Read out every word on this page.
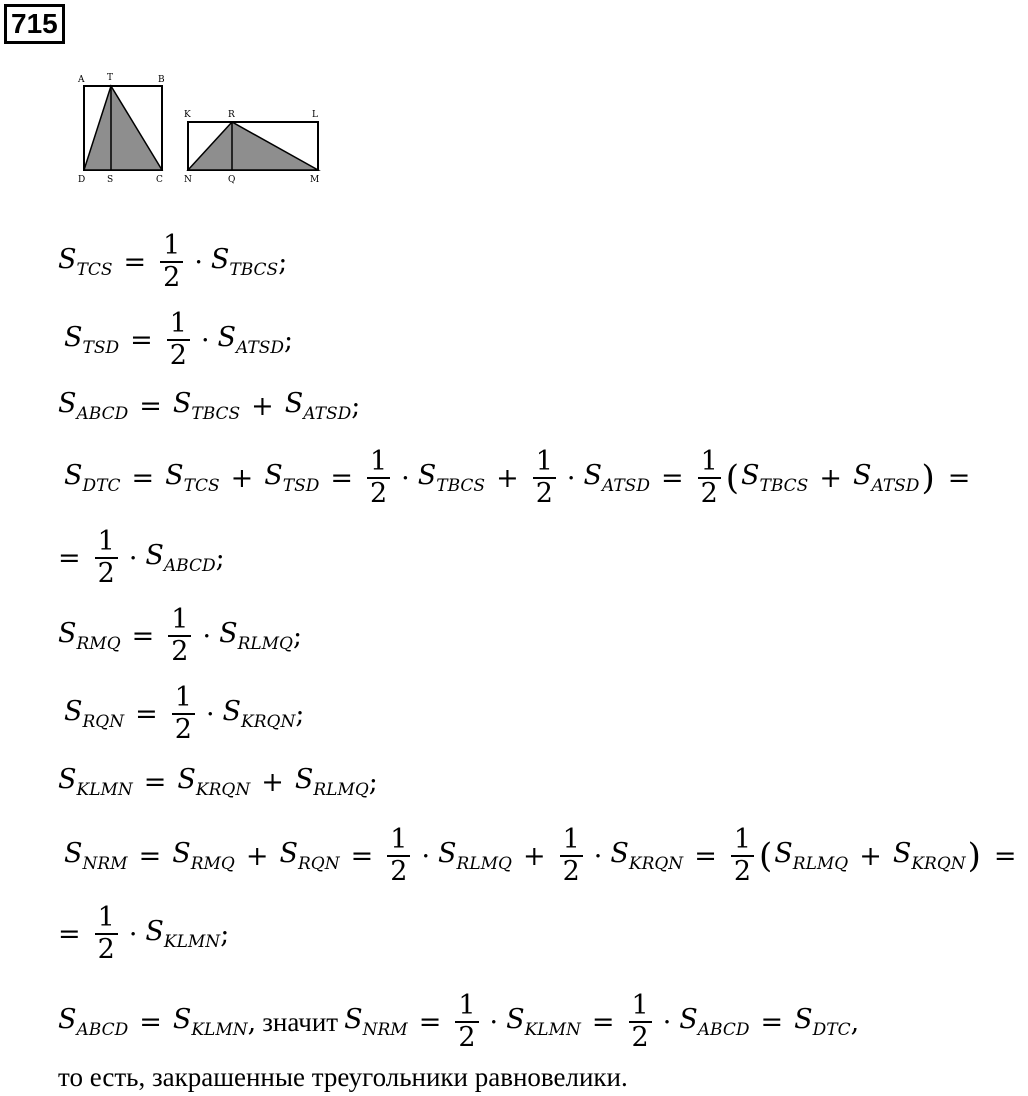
715
A	T	B
D S	C
K	R	L
N	Q	M
$S_{TCS} = \frac{1}{2} \cdot S_{TBCS}$ ;
$S_{TSD} = \frac{1}{2} \cdot S_{ATSD}$ ;
$S_{ABCD} = S_{TBCS} + S_{ATSD}$ ;
$S_{DTC} = S_{TCS} + S_{TSD} = \frac{1}{2} \cdot S_{TBCS} + \frac{1}{2} \cdot S_{ATSD} = \frac{1}{2}$ ( $S_{TBCS} + S_{ATSD}$ ) =
= $\frac{1}{2} \cdot S_{ABCD}$ ;
$S_{RMQ} = \frac{1}{2} \cdot S_{RLMQ}$ ;
$S_{RQN} = \frac{1}{2} \cdot S_{KRQN}$ ;
$S_{KLMN} = S_{KRQN} + S_{RLMQ}$ ;
$S_{NRM} = S_{RMQ} + S_{RQN} = \frac{1}{2} \cdot S_{RLMQ} + \frac{1}{2} \cdot S_{KRQN} = \frac{1}{2}$ ( $S_{RLMQ} + S_{KRQN}$ ) =
= $\frac{1}{2} \cdot S_{KLMN}$ ;
$S_{ABCD} = S_{KLMN}$ , значит $S_{NRM} = \frac{1}{2} \cdot S_{KLMN} = \frac{1}{2} \cdot S_{ABCD} = S_{DTC}$ ,
то есть, закрашенные треугольники равновелики.
